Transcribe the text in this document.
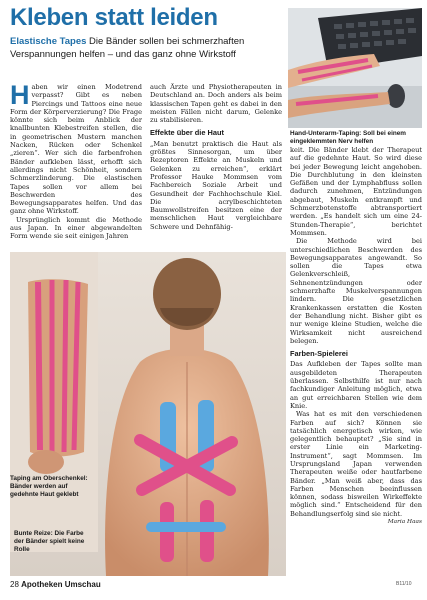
Kleben statt leiden
Elastische Tapes Die Bänder sollen bei schmerzhaften Verspannungen helfen – und das ganz ohne Wirkstoff
Hand-Unterarm-Taping: Soll bei einem eingeklemmten Nerv helfen

Haben wir einen Modetrend verpasst? Gibt es neben Piercings und Tattoos eine neue Form der Körperverzierung? Die Frage könnte sich beim Anblick der knallbunten Klebestreifen stellen, die in geometrischen Mustern manchen Nacken, Rücken oder Schenkel „zieren“. Wer sich die farbenfrohen Bänder aufkleben lässt, erhofft sich allerdings nicht Schönheit, sondern Schmerzlinderung. Die elastischen Tapes sollen vor allem bei Beschwerden des Bewegungsapparates helfen. Und das ganz ohne Wirkstoff.

Ursprünglich kommt die Methode aus Japan. In einer abgewandelten Form wende sie seit einigen Jahren

auch Ärzte und Physiotherapeuten in Deutschland an. Doch anders als beim klassischen Tapen geht es dabei in den meisten Fällen nicht darum, Gelenke zu stabilisieren.

Effekte über die Haut

„Man benutzt praktisch die Haut als größtes Sinnesorgan, um über Rezeptoren Effekte an Muskeln und Gelenken zu erreichen“, erklärt Professor Hauke Mommsen vom Fachbereich Soziale Arbeit und Gesundheit der Fachhochschule Kiel. Die acrylbeschichteten Baumwollstreifen besitzen eine der menschlichen Haut vergleichbare Schwere und Dehnfähig-

keit. Die Bänder klebt der Therapeut auf die gedehnte Haut. So wird diese bei jeder Bewegung leicht angehoben. Die Durchblutung in den kleinsten Gefäßen und der Lymphabfluss sollen dadurch zunehmen, Entzündungen abgebaut, Muskeln entkrampft und Schmerzbotenstoffe abtransportiert werden. „Es handelt sich um eine 24-Stunden-Therapie“, berichtet Mommsen.

Die Methode wird bei unterschiedlichen Beschwerden des Bewegungsapparates angewandt. So sollen die Tapes etwa Gelenkverschleiß, Sehnenentzündungen oder schmerzhafte Muskelverspannungen lindern. Die gesetzlichen Krankenkassen erstatten die Kosten der Behandlung nicht. Bisher gibt es nur wenige kleine Studien, welche die Wirksamkeit nicht ausreichend belegen.

Farben-Spielerei

Das Aufkleben der Tapes sollte man ausgebildeten Therapeuten überlassen. Selbsthilfe ist nur nach fachkundiger Anleitung möglich, etwa an gut erreichbaren Stellen wie dem Knie.

Was hat es mit den verschiedenen Farben auf sich? Können sie tatsächlich energetisch wirken, wie gelegentlich behauptet? „Sie sind in erster Linie ein Marketing-Instrument“, sagt Mommsen. Im Ursprungsland Japan verwenden Therapeuten weiße oder hautfarbene Bänder. „Man weiß aber, dass das Farben Menschen beeinflussen können, sodass bisweilen Wirkeffekte möglich sind.“ Entscheidend für den Behandlungserfolg sind sie nicht.

Maria Haas
Taping am Oberschenkel: Bänder werden auf gedehnte Haut geklebt
Bunte Reize: Die Farbe der Bänder spielt keine Rolle
28 Apotheken Umschau	B11/10
